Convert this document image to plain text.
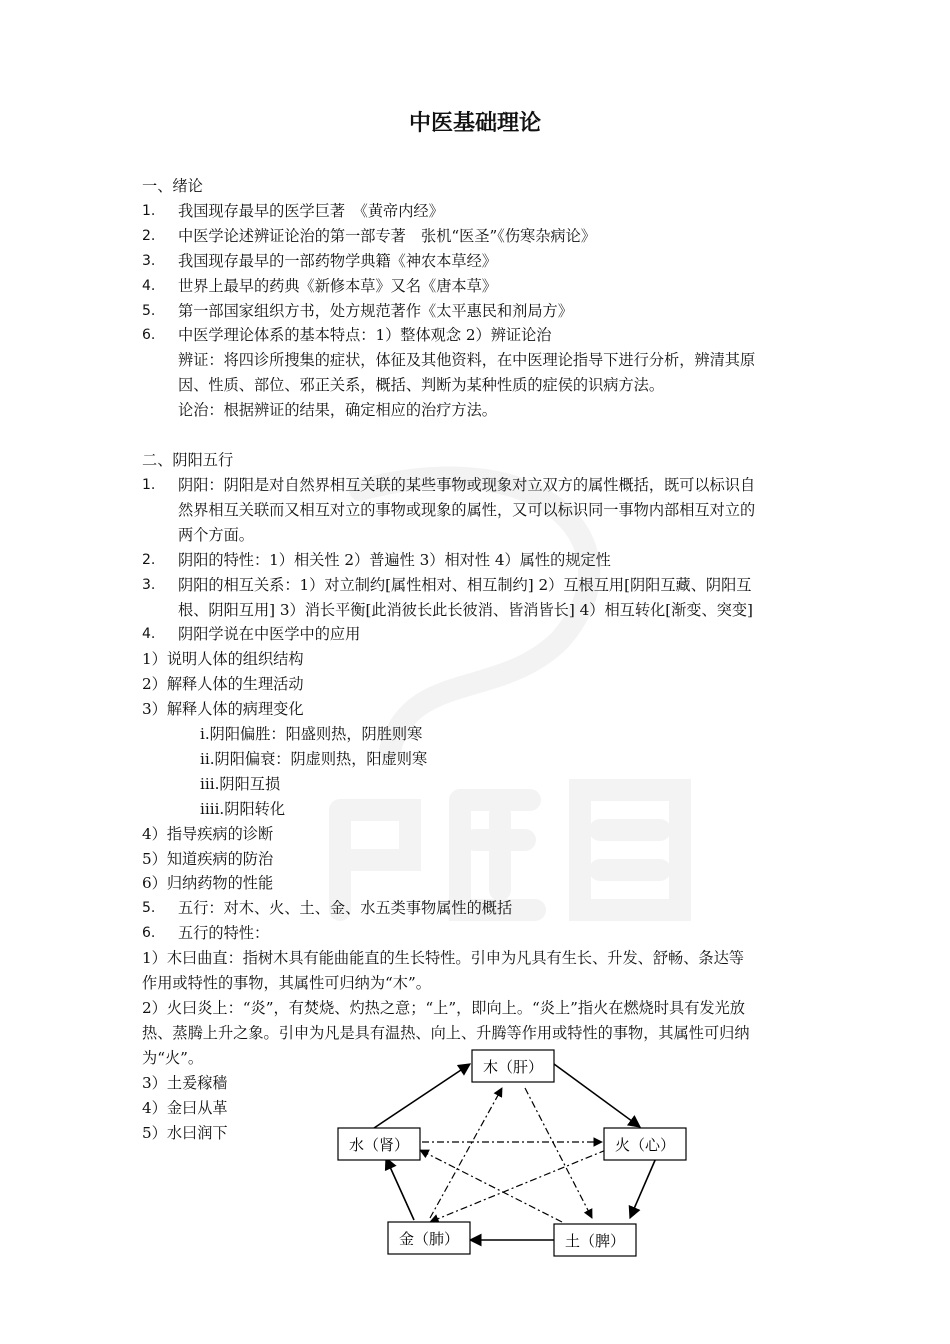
中医基础理论

一、绪论

1.	我国现存最早的医学巨著　《黄帝内经》
2.	中医学论述辨证论治的第一部专著　张机“医圣”《伤寒杂病论》
3.	我国现存最早的一部药物学典籍《神农本草经》
4.	世界上最早的药典《新修本草》又名《唐本草》
5.	第一部国家组织方书，处方规范著作《太平惠民和剂局方》
6.	中医学理论体系的基本特点：1）整体观念 2）辨证论治

辨证：将四诊所搜集的症状，体征及其他资料，在中医理论指导下进行分析，辨清其原

因、性质、部位、邪正关系，概括、判断为某种性质的症侯的识病方法。

论治：根据辨证的结果，确定相应的治疗方法。

二、阴阳五行

1.	阴阳：阴阳是对自然界相互关联的某些事物或现象对立双方的属性概括，既可以标识自

然界相互关联而又相互对立的事物或现象的属性，又可以标识同一事物内部相互对立的

两个方面。

2.	阴阳的特性：1）相关性 2）普遍性 3）相对性 4）属性的规定性
3.	阴阳的相互关系：1）对立制约[属性相对、相互制约] 2）互根互用[阴阳互藏、阴阳互

根、阴阳互用] 3）消长平衡[此消彼长此长彼消、皆消皆长] 4）相互转化[渐变、突变]

4.	阴阳学说在中医学中的应用

1）说明人体的组织结构

2）解释人体的生理活动

3）解释人体的病理变化

i.阴阳偏胜：阳盛则热，阴胜则寒

ii.阴阳偏衰：阴虚则热，阳虚则寒

iii.阴阳互损

iiii.阴阳转化

4）指导疾病的诊断

5）知道疾病的防治

6）归纳药物的性能

5.	五行：对木、火、土、金、水五类事物属性的概括
6.	五行的特性：

1）木曰曲直：指树木具有能曲能直的生长特性。引申为凡具有生长、升发、舒畅、条达等

作用或特性的事物，其属性可归纳为“木”。

2）火曰炎上：“炎”，有焚烧、灼热之意；“上”，即向上。“炎上”指火在燃烧时具有发光放

热、蒸腾上升之象。引申为凡是具有温热、向上、升腾等作用或特性的事物，其属性可归纳

为“火”。

3）土爰稼穑

4）金曰从革

5）水曰润下

木（肝）
火（心）
土（脾）
金（肺）
水（肾）
